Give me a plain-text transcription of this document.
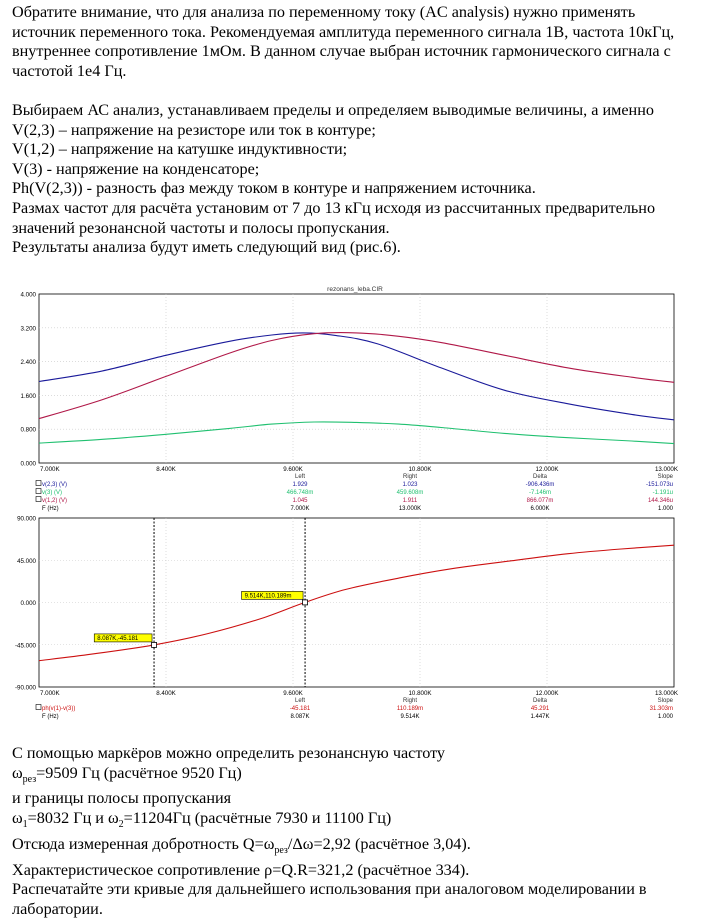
Обратите внимание, что для анализа по переменному току (AC analysis) нужно применять источник переменного тока. Рекомендуемая амплитуда переменного сигнала 1В, частота 10кГц, внутреннее сопротивление 1мОм. В данном случае выбран источник гармонического сигнала с частотой 1е4 Гц.

Выбираем АС анализ, устанавливаем пределы и определяем выводимые величины, а именно

V(2,3) – напряжение на резисторе или ток в контуре;

V(1,2) – напряжение на катушке индуктивности;

V(3) - напряжение на конденсаторе;

Ph(V(2,3)) - разность фаз между током в контуре и напряжением источника.

Размах частот для расчёта установим от 7 до 13 кГц исходя из рассчитанных предварительно значений резонансной частоты и полосы пропускания.

Результаты анализа будут иметь следующий вид (рис.6).

rezonans_leba.CIR
4.000
3.200
2.400
1.600
0.800
0.000
7.000K	8.400K	9.600K	10.800K	12.000K	13.000K
Left	Right	Delta	Slope
v(2,3) (V)	1.929	1.023	-906.436m	-151.073u
v(3) (V)	466.748m	459.608m	-7.146m	-1.191u
v(1,2) (V)	1.045	1.911	866.077m	144.346u
F (Hz)	7.000K	13.000K	6.000K	1.000
90.000
45.000
0.000
-45.000
-90.000
7.000K	8.400K	9.600K	10.800K	12.000K	13.000K
8.087K,-45.181
9.514K,110.189m
Left	Right	Delta	Slope
ph(v(1)-v(3))	-45.181	110.189m	45.291	31.303m
F (Hz)	8.087K	9.514K	1.447K	1.000

С помощью маркёров можно определить резонансную частоту

$\omega_{рез}=9509$ Гц (расчётное 9520 Гц)

и границы полосы пропускания

$\omega_1=8032$ Гц и $\omega_2=11204Гц$ (расчётные 7930 и 11100 Гц)

Отсюда измеренная добротность $Q=\omega_{рез}/\Delta\omega=2,92$ (расчётное 3,04).

Характеристическое сопротивление ρ=Q.R=321,2 (расчётное 334).

Распечатайте эти кривые для дальнейшего использования при аналоговом моделировании в лаборатории.
